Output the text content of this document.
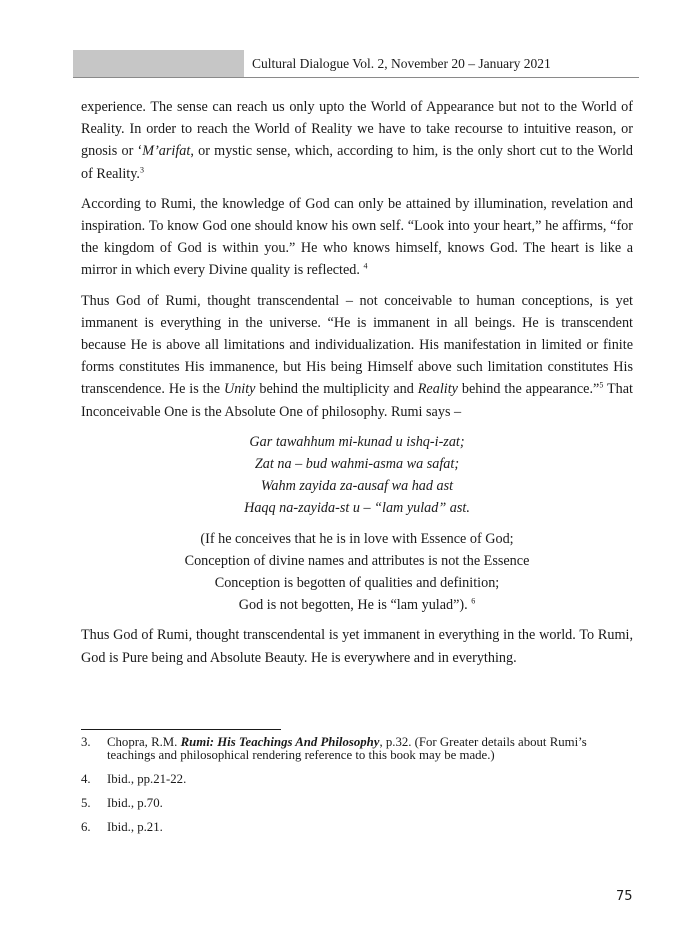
Cultural Dialogue Vol. 2, November 20 – January 2021

experience. The sense can reach us only upto the World of Appearance but not to the World of Reality. In order to reach the World of Reality we have to take recourse to intuitive reason, or gnosis or ‘M’arifat, or mystic sense, which, according to him, is the only short cut to the World of Reality.$^3$

According to Rumi, the knowledge of God can only be attained by illumination, revelation and inspiration. To know God one should know his own self. “Look into your heart,” he affirms, “for the kingdom of God is within you.” He who knows himself, knows God. The heart is like a mirror in which every Divine quality is reflected. $^4$

Thus God of Rumi, thought transcendental – not conceivable to human conceptions, is yet immanent is everything in the universe. “He is immanent in all beings. He is transcendent because He is above all limitations and individualization. His manifestation in limited or finite forms constitutes His immanence, but His being Himself above such limitation constitutes His transcendence. He is the Unity behind the multiplicity and Reality behind the appearance.”$^5$ That Inconceivable One is the Absolute One of philosophy. Rumi says –

Gar tawahhum mi-kunad u ishq-i-zat;
Zat na – bud wahmi-asma wa safat;
Wahm zayida za-ausaf wa had ast
Haqq na-zayida-st u – “lam yulad” ast.
(If he conceives that he is in love with Essence of God;
Conception of divine names and attributes is not the Essence
Conception is begotten of qualities and definition;
God is not begotten, He is “lam yulad”). $^6$

Thus God of Rumi, thought transcendental is yet immanent in everything in the world. To Rumi, God is Pure being and Absolute Beauty. He is everywhere and in everything.

3. Chopra, R.M. Rumi: His Teachings And Philosophy, p.32. (For Greater details about Rumi’s teachings and philosophical rendering reference to this book may be made.)
4. Ibid., pp.21-22.
5. Ibid., p.70.
6. Ibid., p.21.
75
